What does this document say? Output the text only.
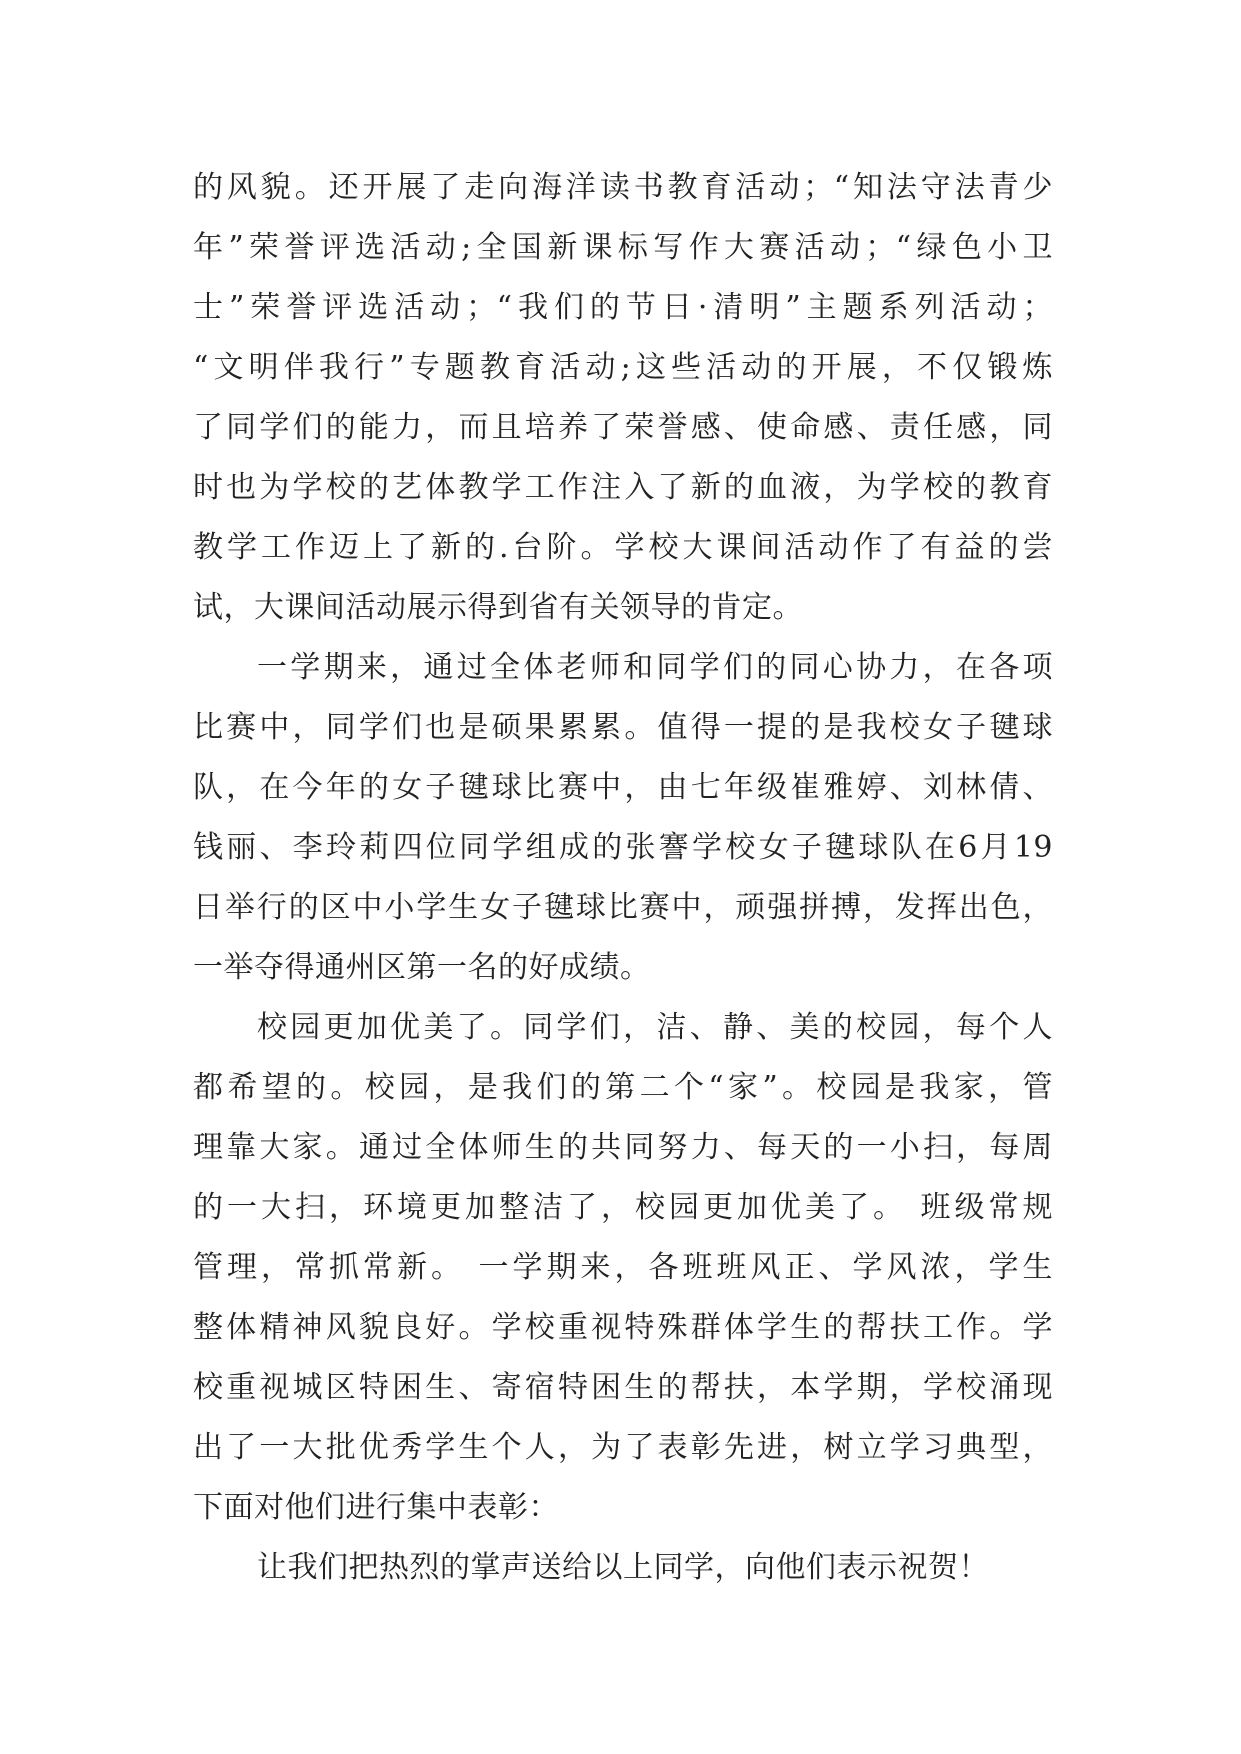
的风貌。还开展了走向海洋读书教育活动；“知法守法青少
年”荣誉评选活动;全国新课标写作大赛活动；“绿色小卫
士”荣誉评选活动；“我们的节日·清明”主题系列活动；
“文明伴我行”专题教育活动;这些活动的开展，不仅锻炼
了同学们的能力，而且培养了荣誉感、使命感、责任感，同
时也为学校的艺体教学工作注入了新的血液，为学校的教育
教学工作迈上了新的.台阶。学校大课间活动作了有益的尝
试，大课间活动展示得到省有关领导的肯定。
一学期来，通过全体老师和同学们的同心协力，在各项
比赛中，同学们也是硕果累累。值得一提的是我校女子毽球
队，在今年的女子毽球比赛中，由七年级崔雅婷、刘林倩、
钱丽、李玲莉四位同学组成的张謇学校女子毽球队在6月19
日举行的区中小学生女子毽球比赛中，顽强拼搏，发挥出色，
一举夺得通州区第一名的好成绩。
校园更加优美了。同学们，洁、静、美的校园，每个人
都希望的。校园，是我们的第二个“家”。校园是我家，管
理靠大家。通过全体师生的共同努力、每天的一小扫，每周
的一大扫，环境更加整洁了，校园更加优美了。 班级常规
管理，常抓常新。 一学期来，各班班风正、学风浓，学生
整体精神风貌良好。学校重视特殊群体学生的帮扶工作。学
校重视城区特困生、寄宿特困生的帮扶，本学期，学校涌现
出了一大批优秀学生个人，为了表彰先进，树立学习典型，
下面对他们进行集中表彰：
让我们把热烈的掌声送给以上同学，向他们表示祝贺！
